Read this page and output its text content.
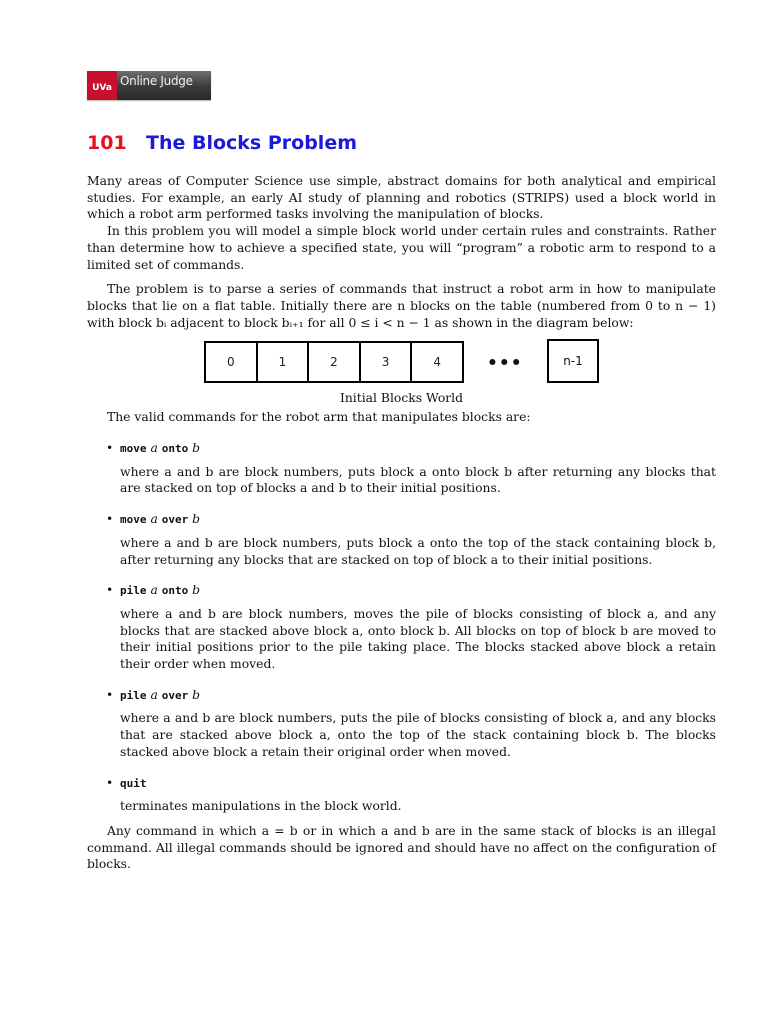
UVa Online Judge
101 The Blocks Problem

Many areas of Computer Science use simple, abstract domains for both analytical and empirical studies. For example, an early AI study of planning and robotics (STRIPS) used a block world in which a robot arm performed tasks involving the manipulation of blocks.

In this problem you will model a simple block world under certain rules and constraints. Rather than determine how to achieve a specified state, you will “program” a robotic arm to respond to a limited set of commands.

The problem is to parse a series of commands that instruct a robot arm in how to manipulate blocks that lie on a flat table. Initially there are n blocks on the table (numbered from 0 to n − 1) with block bᵢ adjacent to block bᵢ₊₁ for all 0 ≤ i < n − 1 as shown in the diagram below:

0	1	2	3	4	•••	n-1
Initial Blocks World

The valid commands for the robot arm that manipulates blocks are:

• move a onto b
where a and b are block numbers, puts block a onto block b after returning any blocks that are stacked on top of blocks a and b to their initial positions.
• move a over b
where a and b are block numbers, puts block a onto the top of the stack containing block b, after returning any blocks that are stacked on top of block a to their initial positions.
• pile a onto b
where a and b are block numbers, moves the pile of blocks consisting of block a, and any blocks that are stacked above block a, onto block b. All blocks on top of block b are moved to their initial positions prior to the pile taking place. The blocks stacked above block a retain their order when moved.
• pile a over b
where a and b are block numbers, puts the pile of blocks consisting of block a, and any blocks that are stacked above block a, onto the top of the stack containing block b. The blocks stacked above block a retain their original order when moved.
• quit
terminates manipulations in the block world.

Any command in which a = b or in which a and b are in the same stack of blocks is an illegal command. All illegal commands should be ignored and should have no affect on the configuration of blocks.
